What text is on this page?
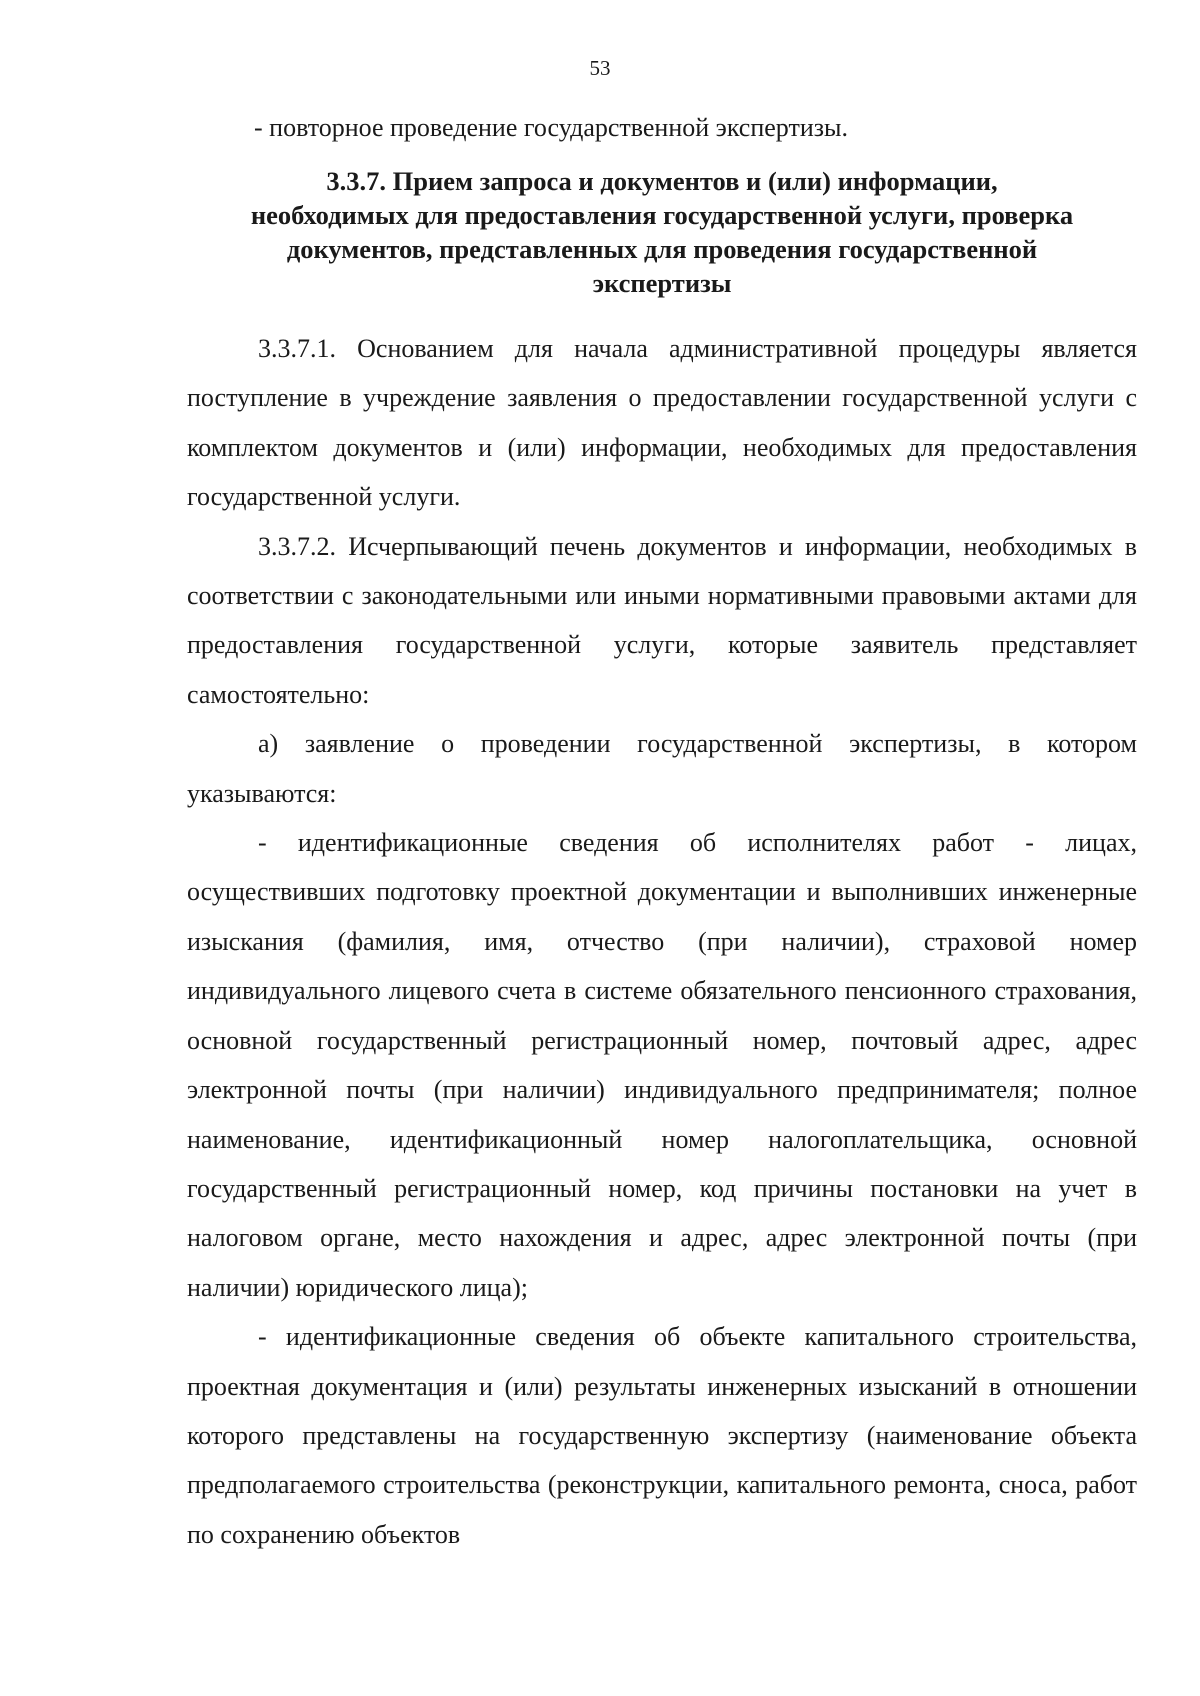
53

- повторное проведение государственной экспертизы.

3.3.7. Прием запроса и документов и (или) информации,
необходимых для предоставления государственной услуги, проверка
документов, представленных для проведения государственной
экспертизы

3.3.7.1. Основанием для начала административной процедуры является поступление в учреждение заявления о предоставлении государственной услуги с комплектом документов и (или) информации, необходимых для предоставления государственной услуги.

3.3.7.2. Исчерпывающий печень документов и информации, необходимых в соответствии с законодательными или иными нормативными правовыми актами для предоставления государственной услуги, которые заявитель представляет самостоятельно:

а) заявление о проведении государственной экспертизы, в котором указываются:

- идентификационные сведения об исполнителях работ - лицах, осуществивших подготовку проектной документации и выполнивших инженерные изыскания (фамилия, имя, отчество (при наличии), страховой номер индивидуального лицевого счета в системе обязательного пенсионного страхования, основной государственный регистрационный номер, почтовый адрес, адрес электронной почты (при наличии) индивидуального предпринимателя; полное наименование, идентификационный номер налогоплательщика, основной государственный регистрационный номер, код причины постановки на учет в налоговом органе, место нахождения и адрес, адрес электронной почты (при наличии) юридического лица);

- идентификационные сведения об объекте капитального строительства, проектная документация и (или) результаты инженерных изысканий в отношении которого представлены на государственную экспертизу (наименование объекта предполагаемого строительства (реконструкции, капитального ремонта, сноса, работ по сохранению объектов
